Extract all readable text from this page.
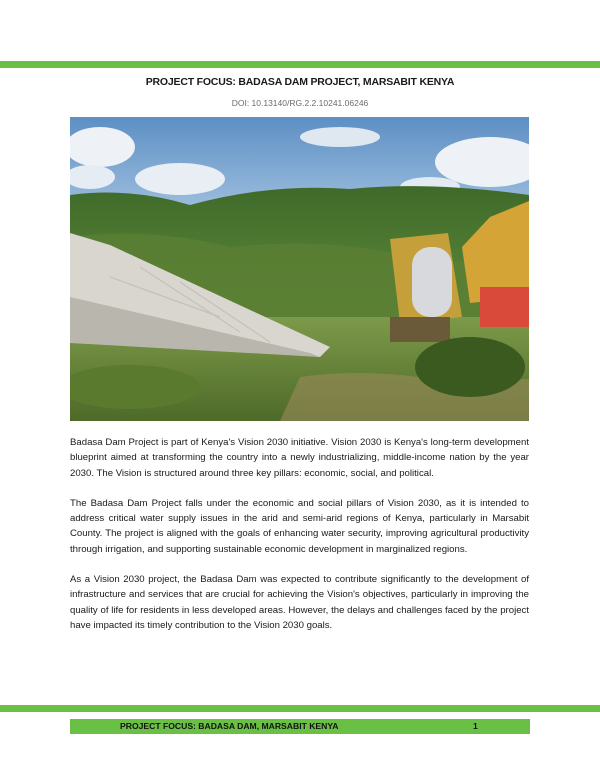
PROJECT FOCUS: BADASA DAM PROJECT, MARSABIT KENYA
DOI: 10.13140/RG.2.2.10241.06246

Badasa Dam Project is part of Kenya's Vision 2030 initiative. Vision 2030 is Kenya's long-term development blueprint aimed at transforming the country into a newly industrializing, middle-income nation by the year 2030. The Vision is structured around three key pillars: economic, social, and political.

The Badasa Dam Project falls under the economic and social pillars of Vision 2030, as it is intended to address critical water supply issues in the arid and semi-arid regions of Kenya, particularly in Marsabit County. The project is aligned with the goals of enhancing water security, improving agricultural productivity through irrigation, and supporting sustainable economic development in marginalized regions.

As a Vision 2030 project, the Badasa Dam was expected to contribute significantly to the development of infrastructure and services that are crucial for achieving the Vision's objectives, particularly in improving the quality of life for residents in less developed areas. However, the delays and challenges faced by the project have impacted its timely contribution to the Vision 2030 goals.

PROJECT FOCUS: BADASA DAM, MARSABIT KENYA	1
